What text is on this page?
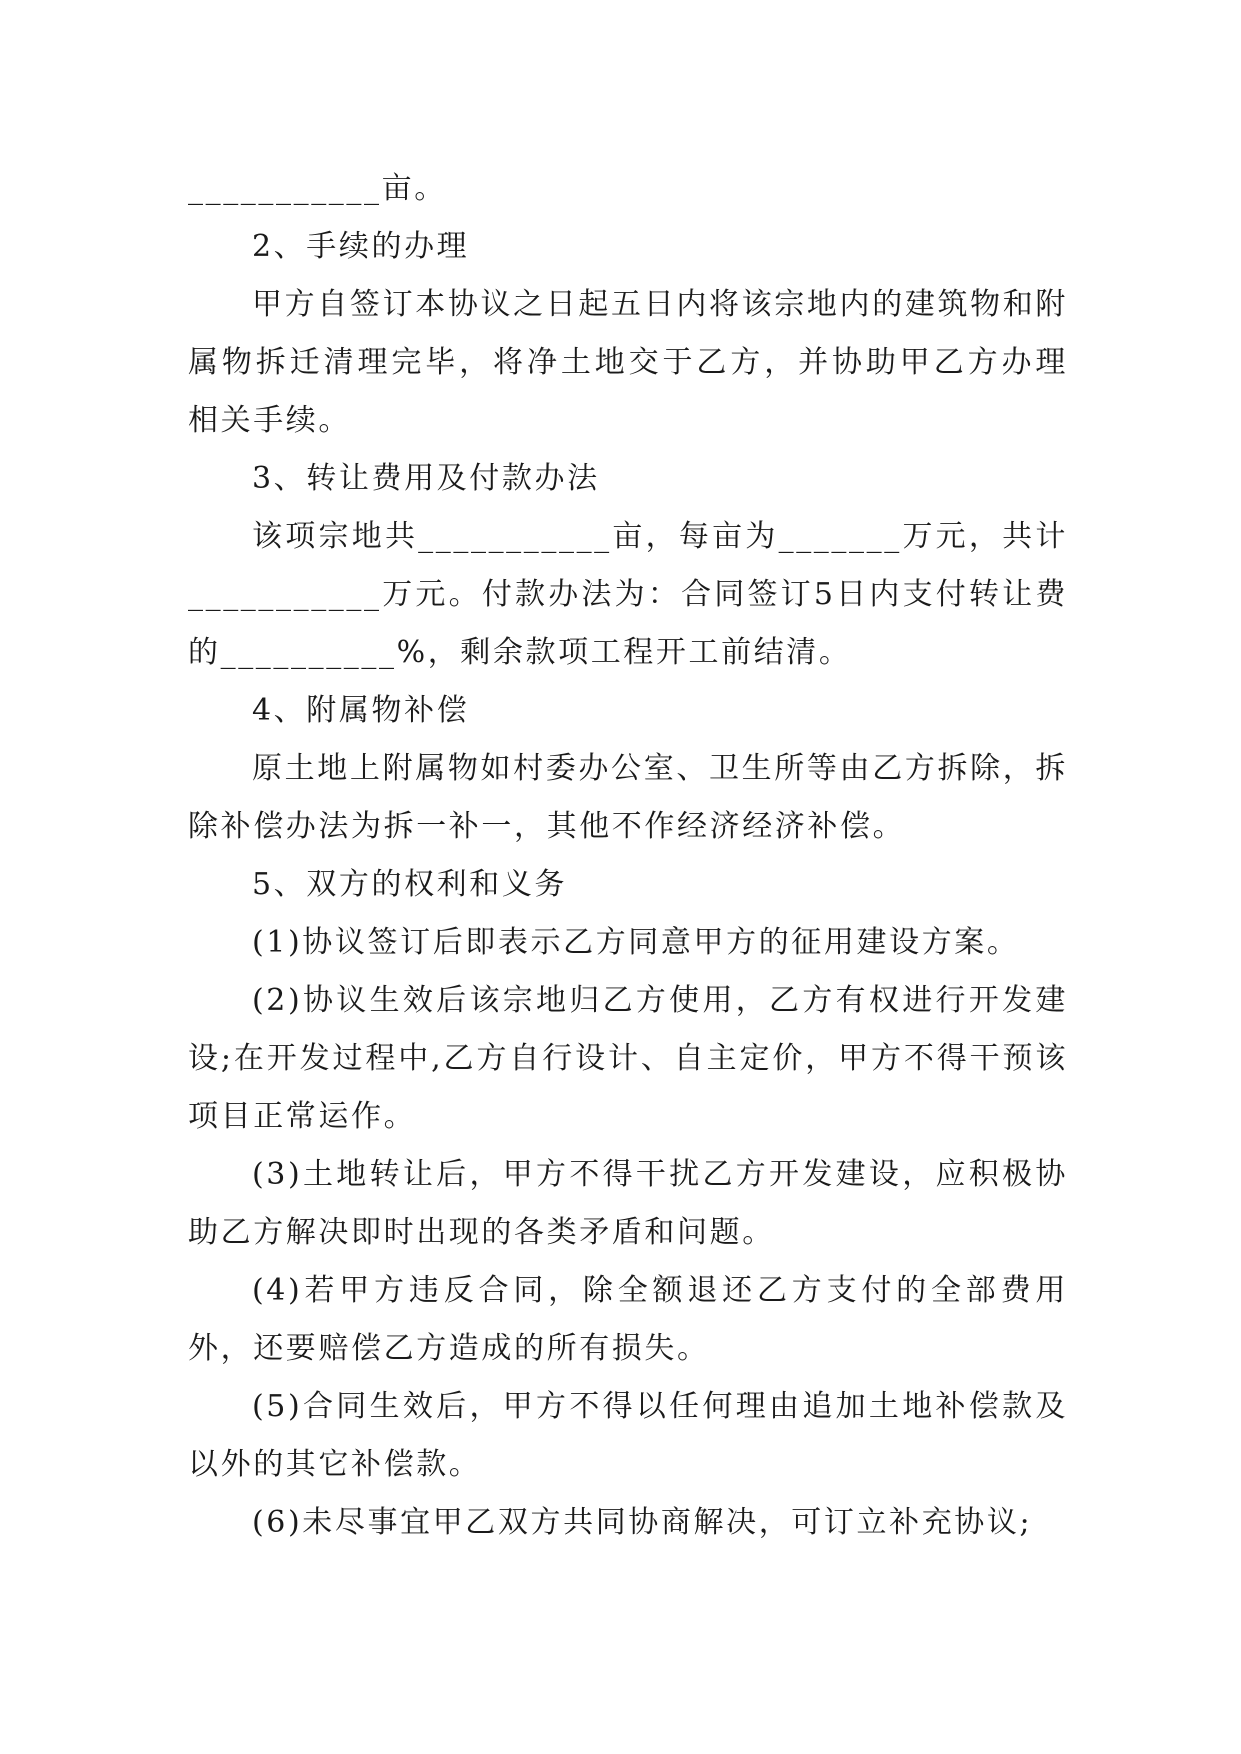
___________亩。

2、手续的办理

甲方自签订本协议之日起五日内将该宗地内的建筑物和附属物拆迁清理完毕，将净土地交于乙方，并协助甲乙方办理相关手续。

3、转让费用及付款办法

该项宗地共___________亩，每亩为_______万元，共计___________万元。付款办法为：合同签订5日内支付转让费的__________%，剩余款项工程开工前结清。

4、附属物补偿

原土地上附属物如村委办公室、卫生所等由乙方拆除，拆除补偿办法为拆一补一，其他不作经济经济补偿。

5、双方的权利和义务

(1)协议签订后即表示乙方同意甲方的征用建设方案。

(2)协议生效后该宗地归乙方使用，乙方有权进行开发建设;在开发过程中,乙方自行设计、自主定价，甲方不得干预该项目正常运作。

(3)土地转让后，甲方不得干扰乙方开发建设，应积极协助乙方解决即时出现的各类矛盾和问题。

(4)若甲方违反合同，除全额退还乙方支付的全部费用外，还要赔偿乙方造成的所有损失。

(5)合同生效后，甲方不得以任何理由追加土地补偿款及以外的其它补偿款。

(6)未尽事宜甲乙双方共同协商解决，可订立补充协议;
